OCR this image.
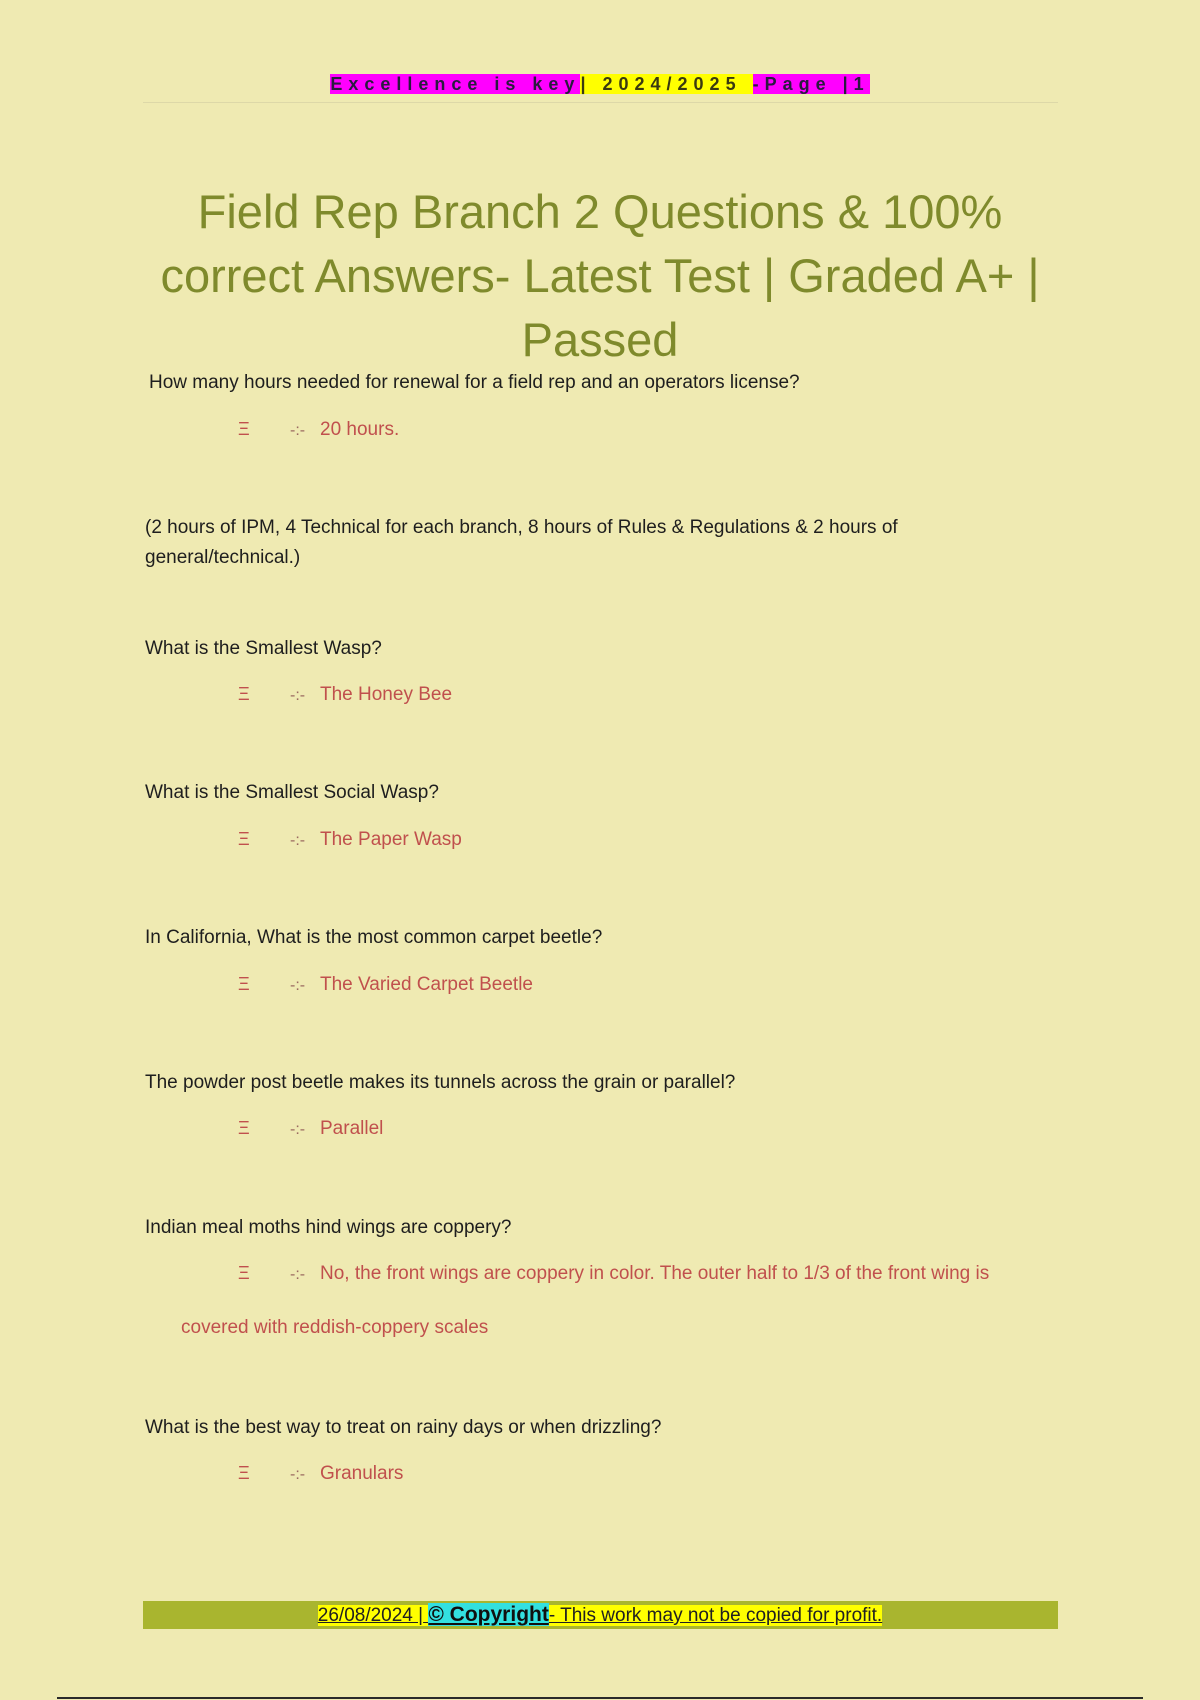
Excellence is key| 2024/2025 -Page |1
Field Rep Branch 2 Questions & 100% correct Answers- Latest Test | Graded A+ | Passed
How many hours needed for renewal for a field rep and an operators license?
Ξ	-:- 20 hours.
(2 hours of IPM, 4 Technical for each branch, 8 hours of Rules & Regulations & 2 hours of general/technical.)
What is the Smallest Wasp?
Ξ	-:- The Honey Bee
What is the Smallest Social Wasp?
Ξ	-:- The Paper Wasp
In California, What is the most common carpet beetle?
Ξ	-:- The Varied Carpet Beetle
The powder post beetle makes its tunnels across the grain or parallel?
Ξ	-:- Parallel
Indian meal moths hind wings are coppery?
Ξ	-:- No, the front wings are coppery in color. The outer half to 1/3 of the front wing is
covered with reddish-coppery scales
What is the best way to treat on rainy days or when drizzling?
Ξ	-:- Granulars
26/08/2024 | © Copyright- This work may not be copied for profit.
